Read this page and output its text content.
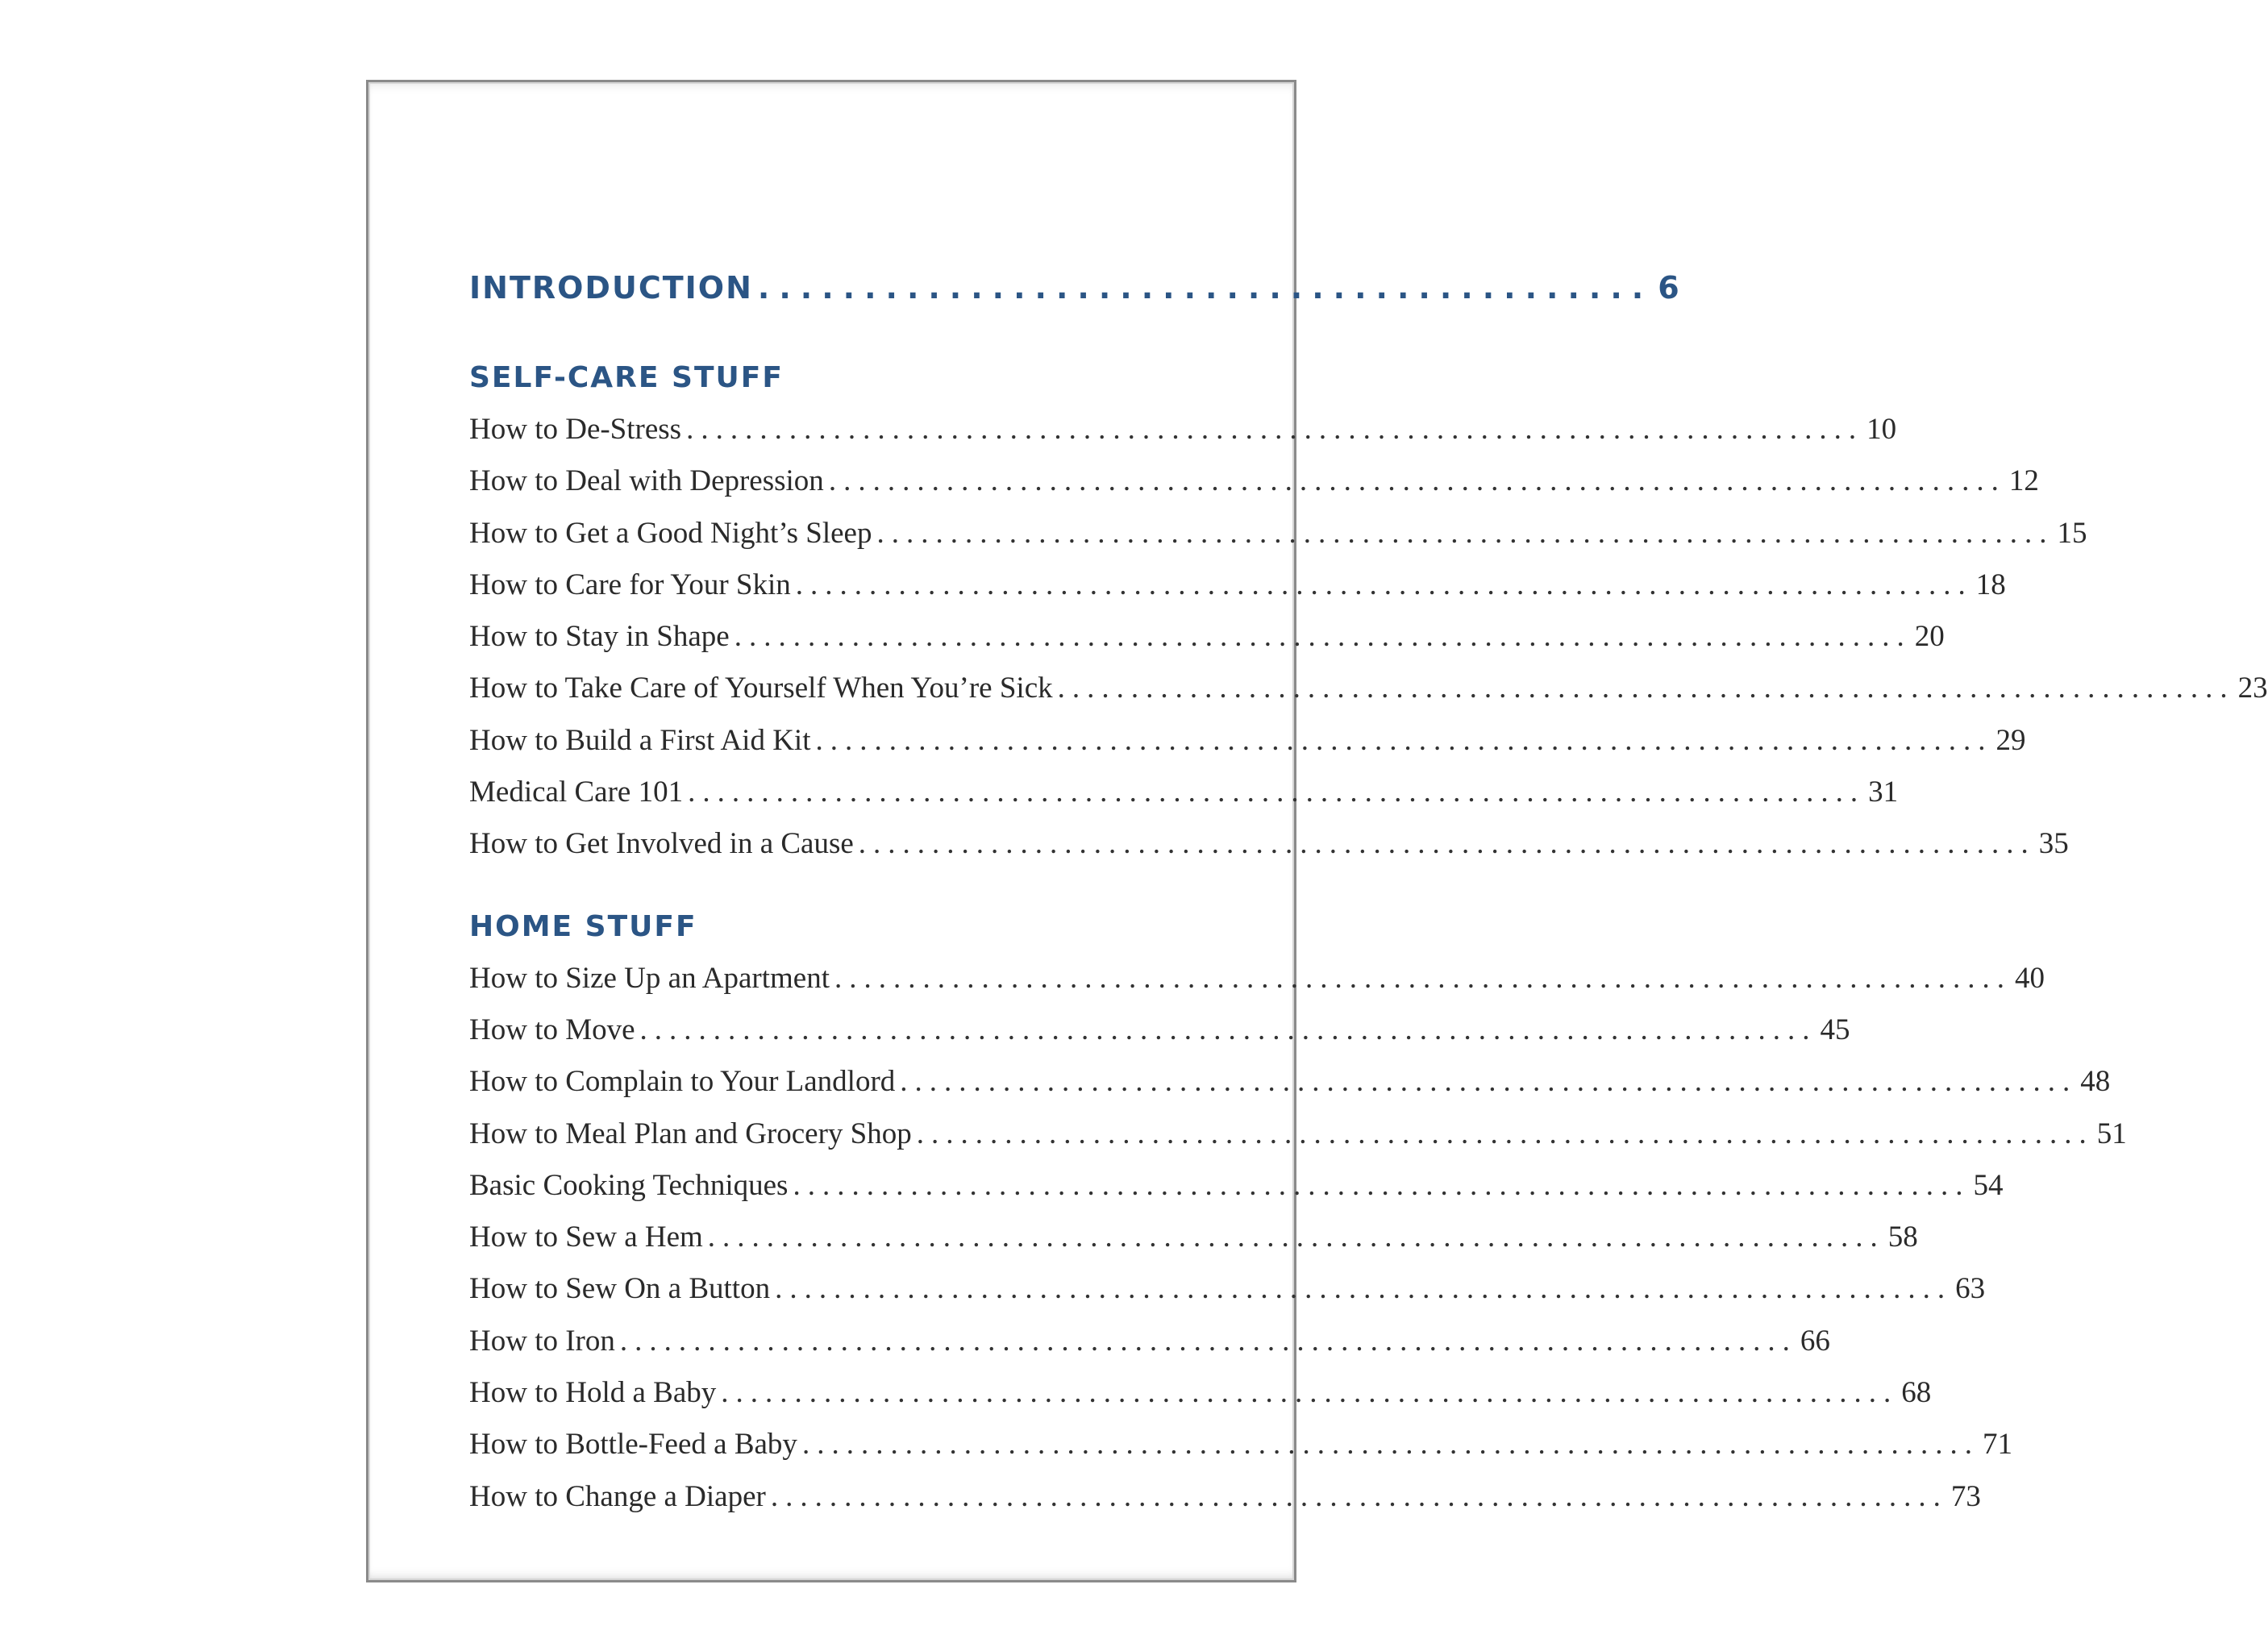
INTRODUCTION .......................................... 6
SELF-CARE STUFF
How to De-Stress ................................................................................ 10
How to Deal with Depression ................................................................................ 12
How to Get a Good Night’s Sleep ................................................................................ 15
How to Care for Your Skin ................................................................................ 18
How to Stay in Shape ................................................................................ 20
How to Take Care of Yourself When You’re Sick ................................................................................ 23
How to Build a First Aid Kit ................................................................................ 29
Medical Care 101 ................................................................................ 31
How to Get Involved in a Cause ................................................................................ 35
HOME STUFF
How to Size Up an Apartment ................................................................................ 40
How to Move ................................................................................ 45
How to Complain to Your Landlord ................................................................................ 48
How to Meal Plan and Grocery Shop ................................................................................ 51
Basic Cooking Techniques ................................................................................ 54
How to Sew a Hem ................................................................................ 58
How to Sew On a Button ................................................................................ 63
How to Iron ................................................................................ 66
How to Hold a Baby ................................................................................ 68
How to Bottle-Feed a Baby ................................................................................ 71
How to Change a Diaper ................................................................................ 73
